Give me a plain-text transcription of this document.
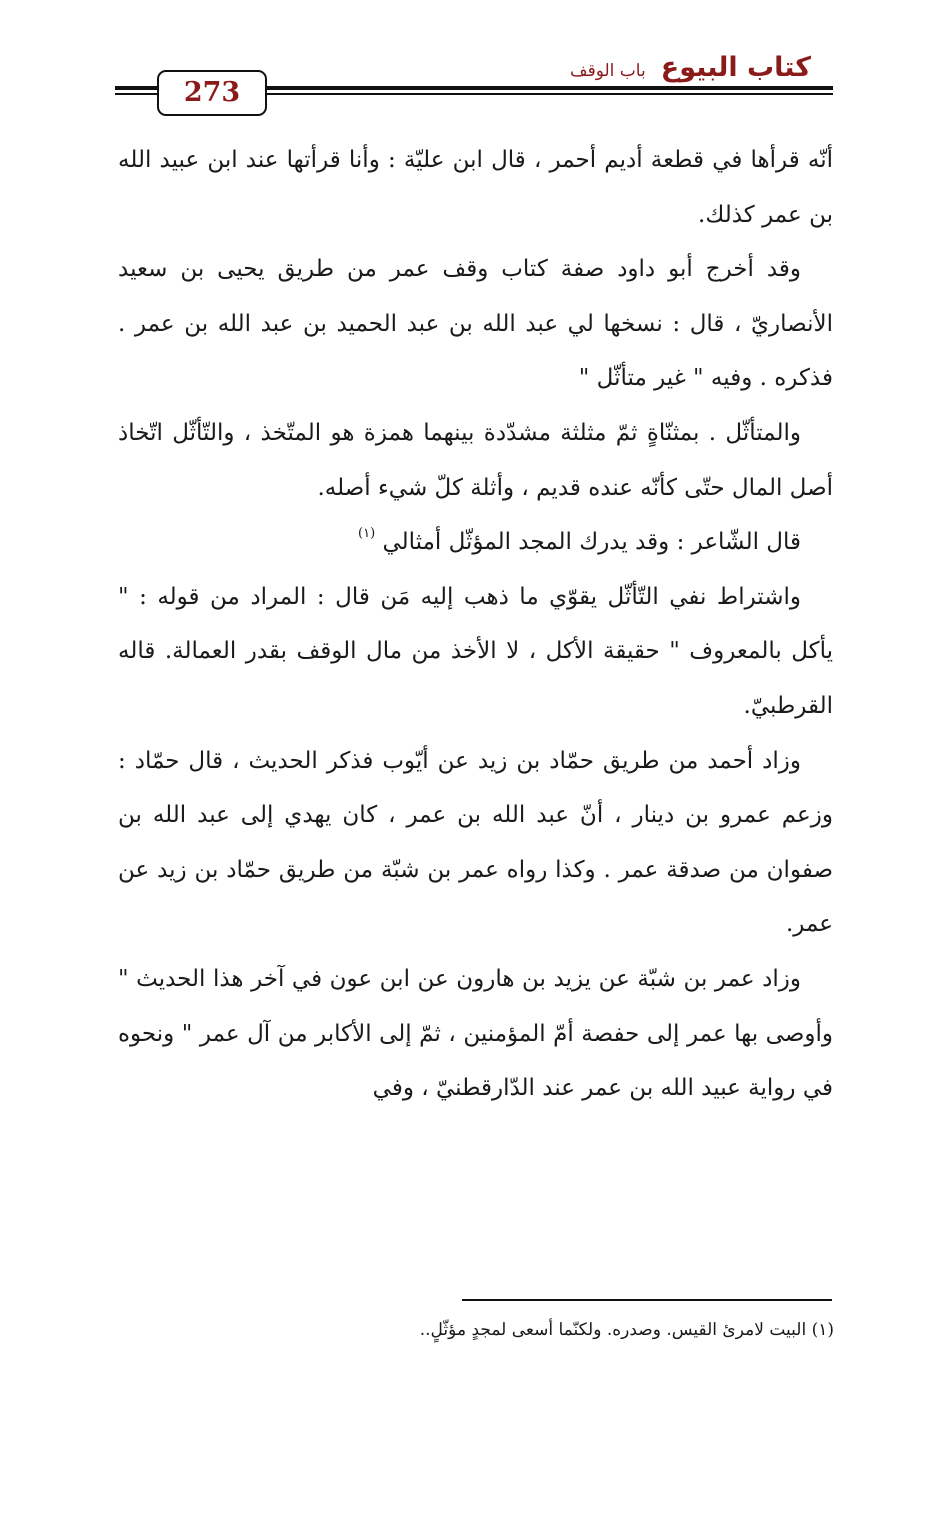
كتاب البيوع باب الوقف
273

أنّه قرأها في قطعة أديم أحمر ، قال ابن عليّة : وأنا قرأتها عند ابن عبيد الله بن عمر كذلك.

وقد أخرج أبو داود صفة كتاب وقف عمر من طريق يحيى بن سعيد الأنصاريّ ، قال : نسخها لي عبد الله بن عبد الحميد بن عبد الله بن عمر . فذكره . وفيه " غير متأثّل "

والمتأثّل . بمثنّاةٍ ثمّ مثلثة مشدّدة بينهما همزة هو المتّخذ ، والتّأثّل اتّخاذ أصل المال حتّى كأنّه عنده قديم ، وأثلة كلّ شيء أصله.

قال الشّاعر : وقد يدرك المجد المؤثّل أمثالي $^{(١)}$

واشتراط نفي التّأثّل يقوّي ما ذهب إليه مَن قال : المراد من قوله : " يأكل بالمعروف " حقيقة الأكل ، لا الأخذ من مال الوقف بقدر العمالة. قاله القرطبيّ.

وزاد أحمد من طريق حمّاد بن زيد عن أيّوب فذكر الحديث ، قال حمّاد : وزعم عمرو بن دينار ، أنّ عبد الله بن عمر ، كان يهدي إلى عبد الله بن صفوان من صدقة عمر . وكذا رواه عمر بن شبّة من طريق حمّاد بن زيد عن عمر.

وزاد عمر بن شبّة عن يزيد بن هارون عن ابن عون في آخر هذا الحديث " وأوصى بها عمر إلى حفصة أمّ المؤمنين ، ثمّ إلى الأكابر من آل عمر " ونحوه في رواية عبيد الله بن عمر عند الدّارقطنيّ ، وفي

(١) البيت لامرئ القيس. وصدره. ولكنّما أسعى لمجدٍ مؤثّلٍ..
